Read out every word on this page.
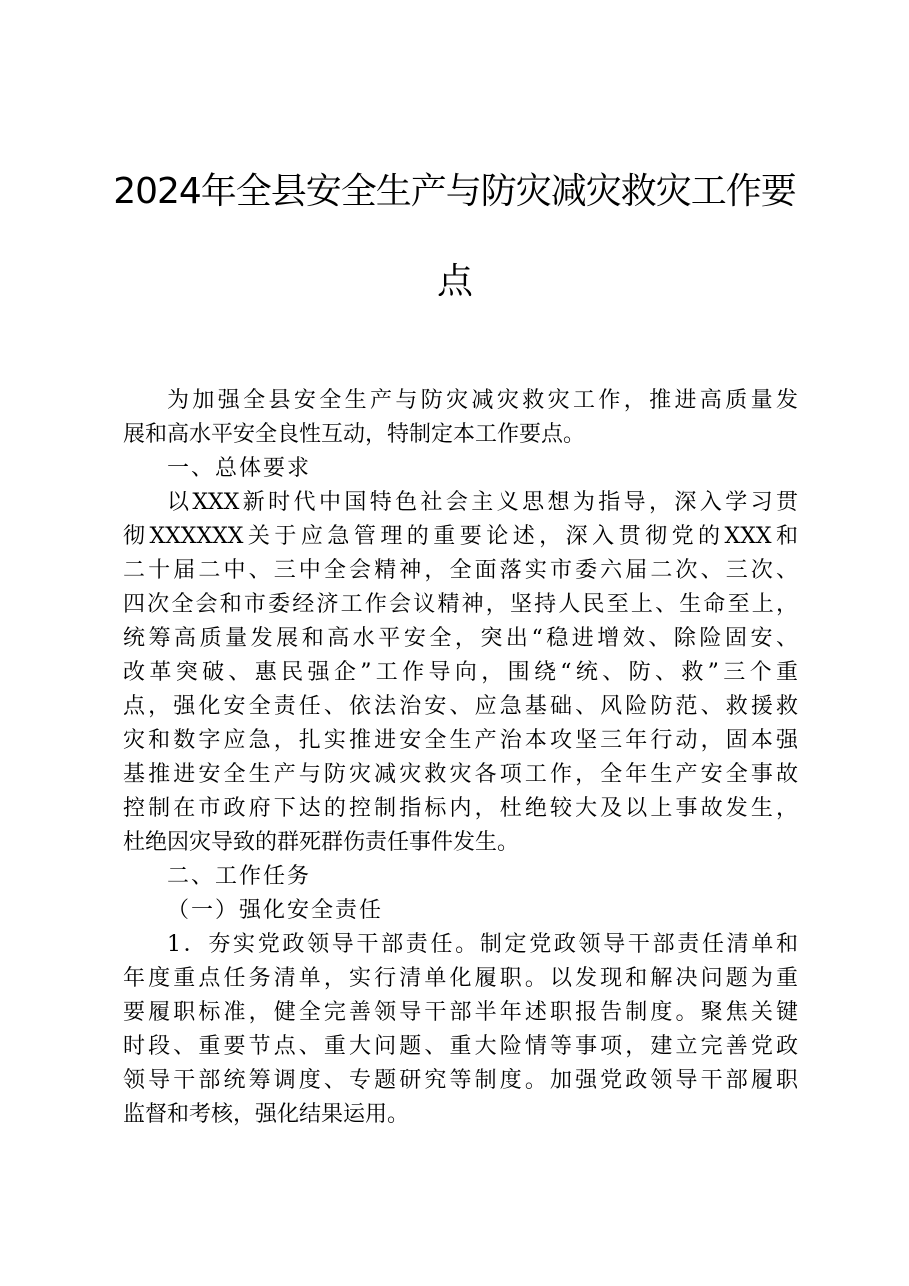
2024年全县安全生产与防灾减灾救灾工作要
点
为加强全县安全生产与防灾减灾救灾工作，推进高质量发
展和高水平安全良性互动，特制定本工作要点。
一、总体要求
以XXX新时代中国特色社会主义思想为指导，深入学习贯
彻XXXXXX关于应急管理的重要论述，深入贯彻党的XXX和
二十届二中、三中全会精神，全面落实市委六届二次、三次、
四次全会和市委经济工作会议精神，坚持人民至上、生命至上，
统筹高质量发展和高水平安全，突出“稳进增效、除险固安、
改革突破、惠民强企”工作导向，围绕“统、防、救”三个重
点，强化安全责任、依法治安、应急基础、风险防范、救援救
灾和数字应急，扎实推进安全生产治本攻坚三年行动，固本强
基推进安全生产与防灾减灾救灾各项工作，全年生产安全事故
控制在市政府下达的控制指标内，杜绝较大及以上事故发生，
杜绝因灾导致的群死群伤责任事件发生。
二、工作任务
（一）强化安全责任
1．夯实党政领导干部责任。制定党政领导干部责任清单和
年度重点任务清单，实行清单化履职。以发现和解决问题为重
要履职标准，健全完善领导干部半年述职报告制度。聚焦关键
时段、重要节点、重大问题、重大险情等事项，建立完善党政
领导干部统筹调度、专题研究等制度。加强党政领导干部履职
监督和考核，强化结果运用。
